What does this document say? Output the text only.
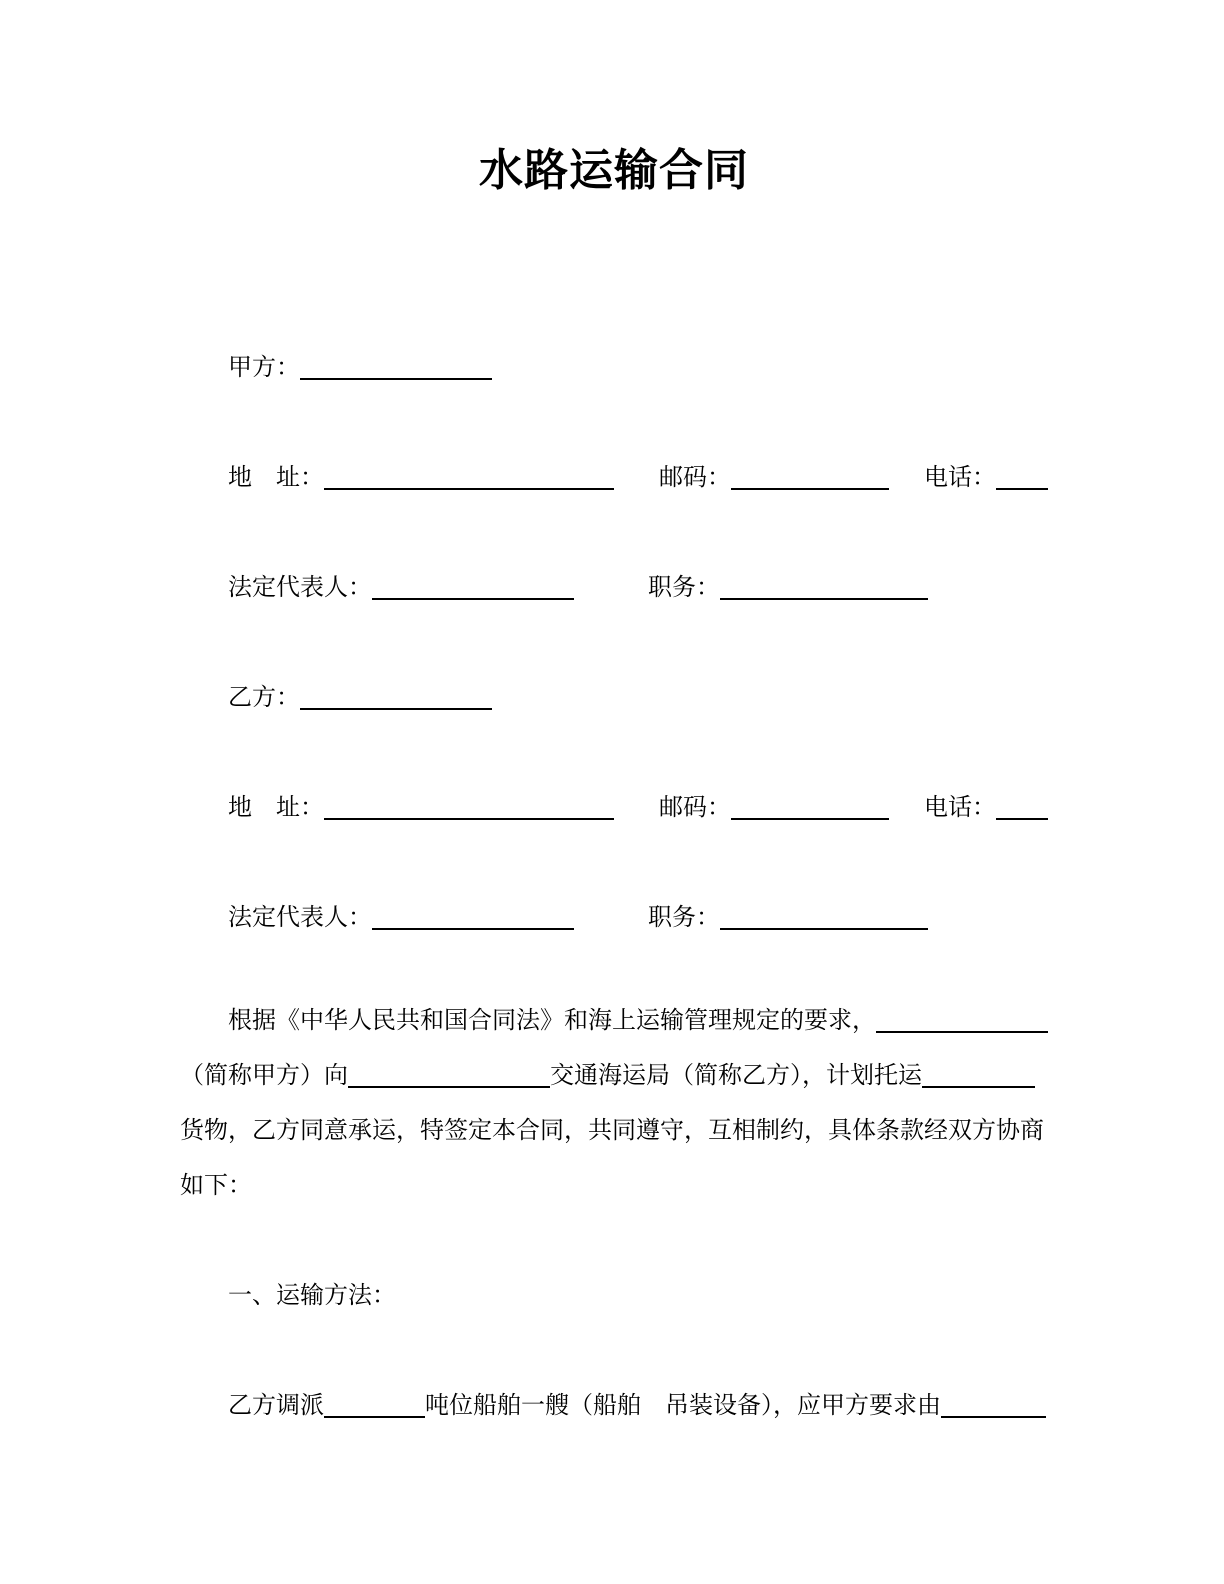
水路运输合同
甲方：
地　址：	邮码：	电话：
法定代表人：	职务：
乙方：
地　址：	邮码：	电话：
法定代表人：	职务：
根据《中华人民共和国合同法》和海上运输管理规定的要求，
（简称甲方）向	交通海运局（简称乙方），计划托运
货物，乙方同意承运，特签定本合同，共同遵守，互相制约，具体条款经双方协商
如下：
一、运输方法：
乙方调派	吨位船舶一艘（船舶　吊装设备），应甲方要求由
